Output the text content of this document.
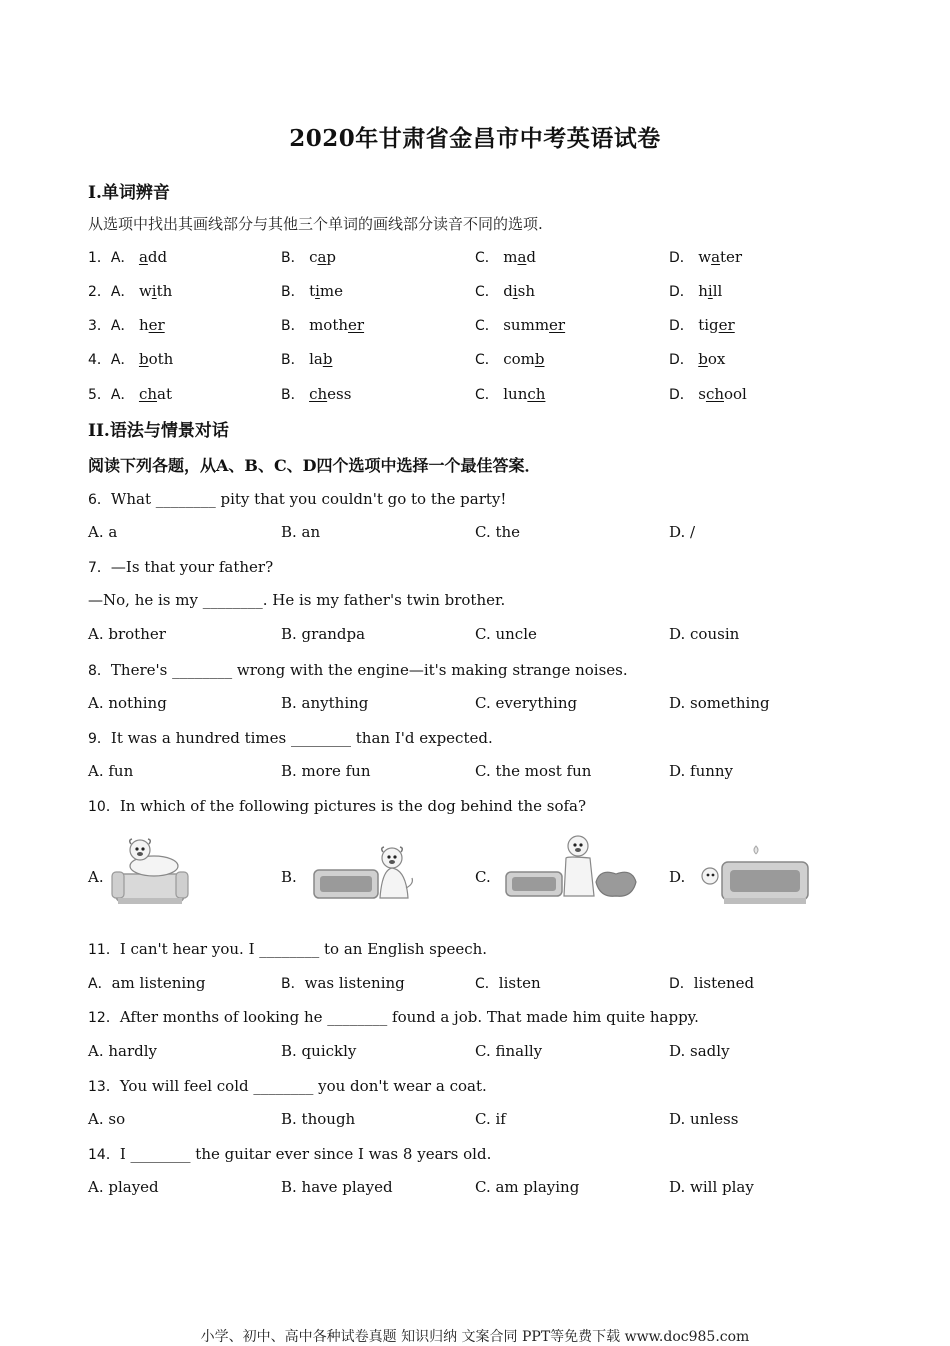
2020年甘肃省金昌市中考英语试卷
I.单词辨音
从选项中找出其画线部分与其他三个单词的画线部分读音不同的选项.
1．A． add	B． cap	C． mad	D． water
2．A． with	B． time	C． dish	D． hill
3．A． her	B． mother	C． summer	D． tiger
4．A． both	B． lab	C． comb	D． box
5．A． chat	B． chess	C． lunch	D． school
II.语法与情景对话
阅读下列各题，从A、B、C、D四个选项中选择一个最佳答案．
6．What ________ pity that you couldn't go to the party!
A. a	B. an	C. the	D. /
7．—Is that your father?
—No, he is my ________. He is my father's twin brother.
A. brother	B. grandpa	C. uncle	D. cousin
8．There's ________ wrong with the engine—it's making strange noises.
A. nothing	B. anything	C. everything	D. something
9．It was a hundred times ________ than I'd expected.
A. fun	B. more fun	C. the most fun	D. funny
10．In which of the following pictures is the dog behind the sofa?
A.	B.	C.	D.
11．I can't hear you. I ________ to an English speech.
A．am listening	B．was listening	C．listen	D．listened
12．After months of looking he ________ found a job. That made him quite happy.
A. hardly	B. quickly	C. finally	D. sadly
13．You will feel cold ________ you don't wear a coat.
A. so	B. though	C. if	D. unless
14．I ________ the guitar ever since I was 8 years old.
A. played	B. have played	C. am playing	D. will play
小学、初中、高中各种试卷真题 知识归纳 文案合同 PPT等免费下载 www.doc985.com
